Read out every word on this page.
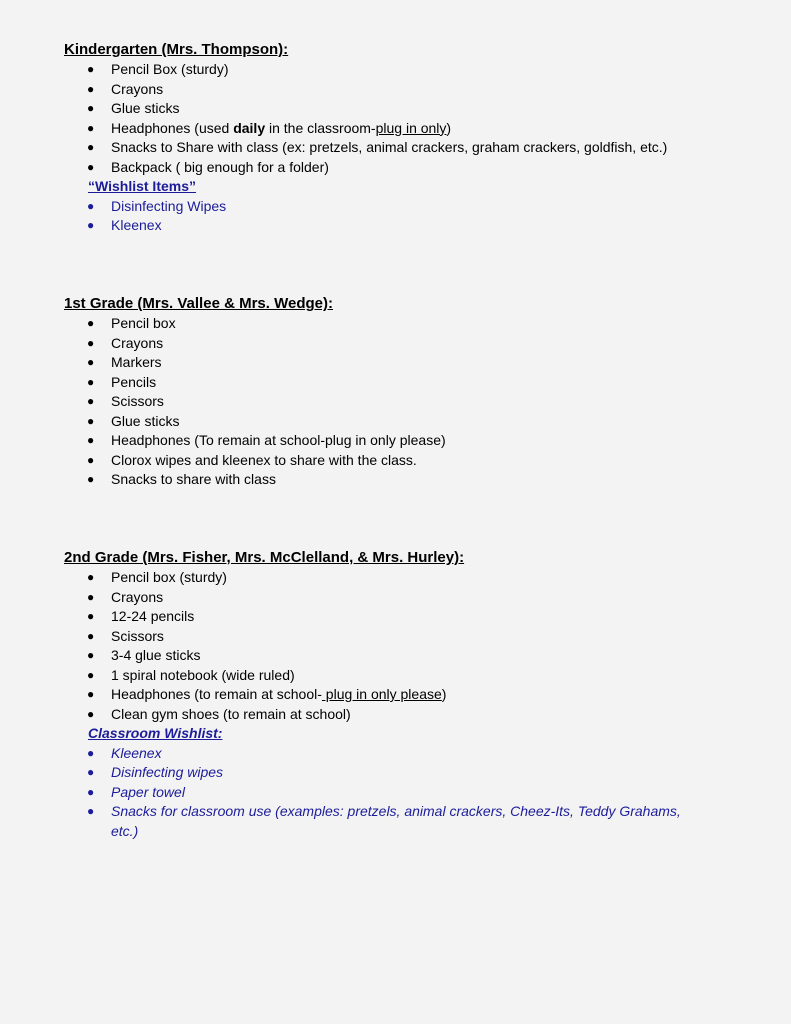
Kindergarten (Mrs. Thompson):
● Pencil Box (sturdy)
● Crayons
● Glue sticks
● Headphones (used daily in the classroom-plug in only)
● Snacks to Share with class (ex: pretzels, animal crackers, graham crackers, goldfish, etc.)
● Backpack ( big enough for a folder)
“Wishlist Items”
● Disinfecting Wipes
● Kleenex
1st Grade (Mrs. Vallee & Mrs. Wedge):
● Pencil box
● Crayons
● Markers
● Pencils
● Scissors
● Glue sticks
● Headphones (To remain at school-plug in only please)
● Clorox wipes and kleenex to share with the class.
● Snacks to share with class
2nd Grade (Mrs. Fisher, Mrs. McClelland, & Mrs. Hurley):
● Pencil box (sturdy)
● Crayons
● 12-24 pencils
● Scissors
● 3-4 glue sticks
● 1 spiral notebook (wide ruled)
● Headphones (to remain at school- plug in only please)
● Clean gym shoes (to remain at school)
Classroom Wishlist:
● Kleenex
● Disinfecting wipes
● Paper towel
● Snacks for classroom use (examples: pretzels, animal crackers, Cheez-Its, Teddy Grahams, etc.)
